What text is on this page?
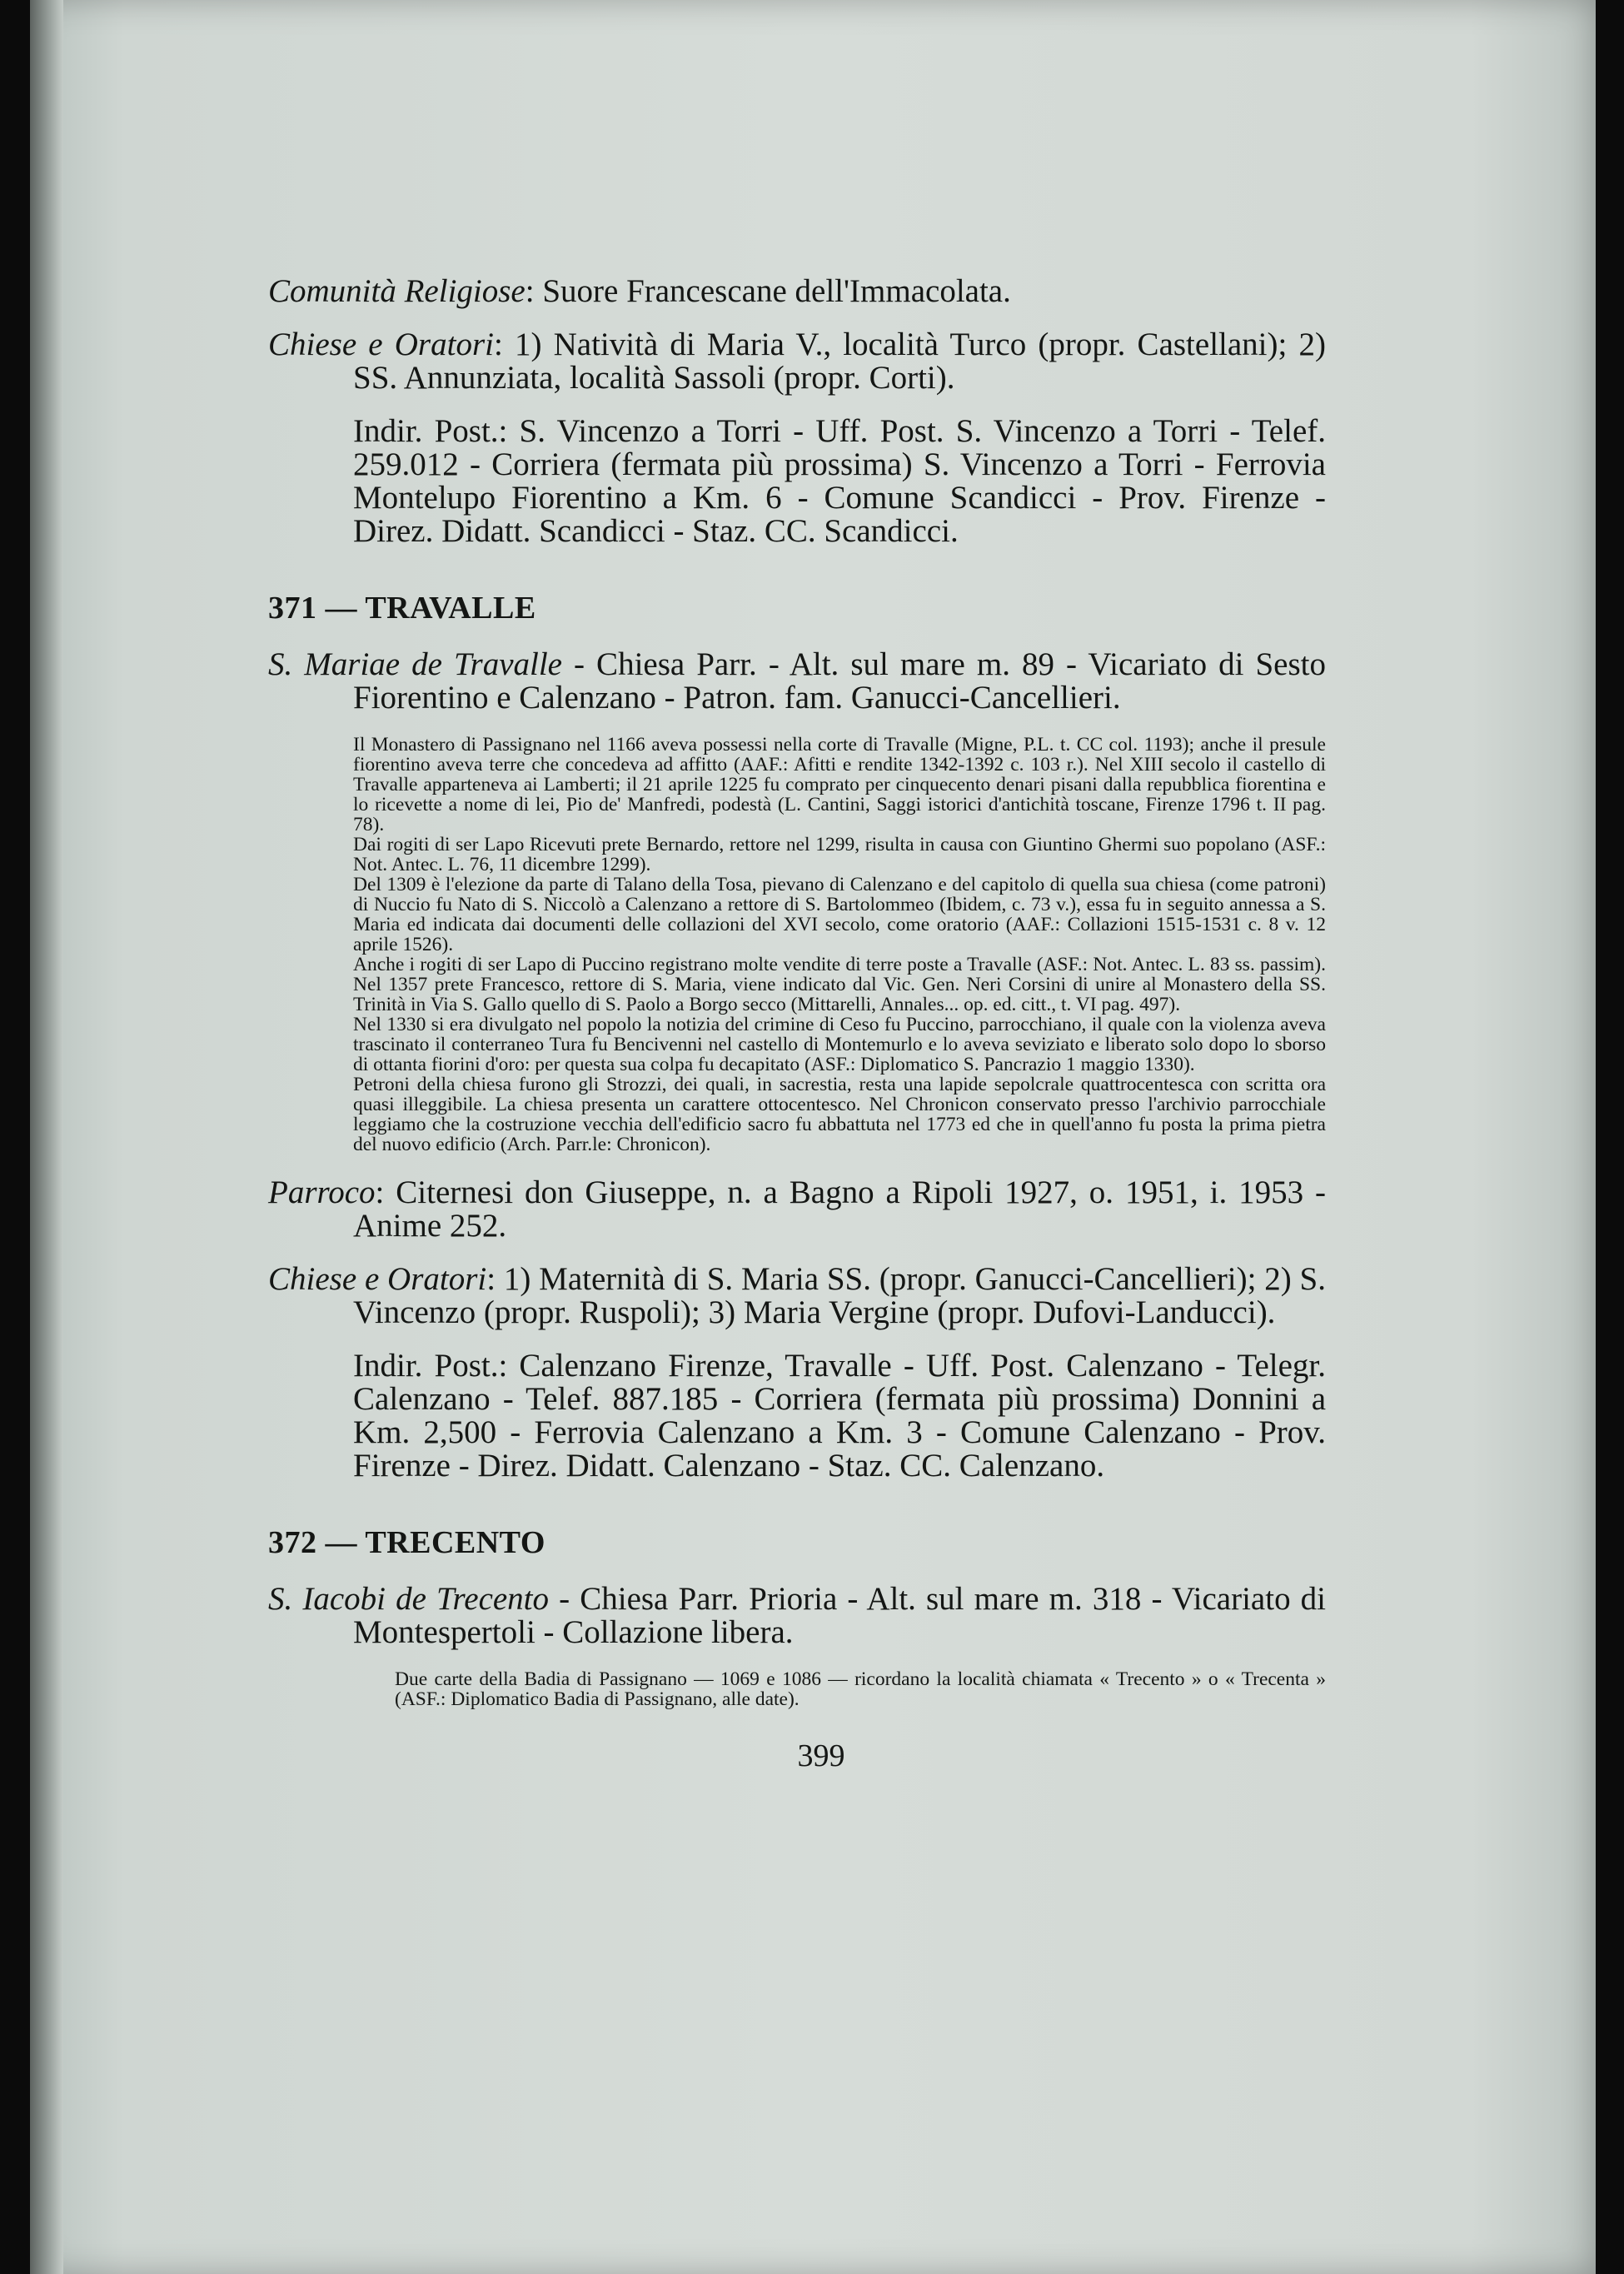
Comunità Religiose: Suore Francescane dell'Immacolata.

Chiese e Oratori: 1) Natività di Maria V., località Turco (propr. Castellani); 2) SS. Annunziata, località Sassoli (propr. Corti).

Indir. Post.: S. Vincenzo a Torri - Uff. Post. S. Vincenzo a Torri - Telef. 259.012 - Corriera (fermata più prossima) S. Vincenzo a Torri - Ferrovia Montelupo Fiorentino a Km. 6 - Comune Scandicci - Prov. Firenze - Direz. Didatt. Scandicci - Staz. CC. Scandicci.

371 — TRAVALLE

S. Mariae de Travalle - Chiesa Parr. - Alt. sul mare m. 89 - Vicariato di Sesto Fiorentino e Calenzano - Patron. fam. Ganucci-Cancellieri.

Il Monastero di Passignano nel 1166 aveva possessi nella corte di Travalle (Migne, P.L. t. CC col. 1193); anche il presule fiorentino aveva terre che concedeva ad affitto (AAF.: Afitti e rendite 1342-1392 c. 103 r.). Nel XIII secolo il castello di Travalle apparteneva ai Lamberti; il 21 aprile 1225 fu comprato per cinquecento denari pisani dalla repubblica fiorentina e lo ricevette a nome di lei, Pio de' Manfredi, podestà (L. Cantini, Saggi istorici d'antichità toscane, Firenze 1796 t. II pag. 78).

Dai rogiti di ser Lapo Ricevuti prete Bernardo, rettore nel 1299, risulta in causa con Giuntino Ghermi suo popolano (ASF.: Not. Antec. L. 76, 11 dicembre 1299).

Del 1309 è l'elezione da parte di Talano della Tosa, pievano di Calenzano e del capitolo di quella sua chiesa (come patroni) di Nuccio fu Nato di S. Niccolò a Calenzano a rettore di S. Bartolommeo (Ibidem, c. 73 v.), essa fu in seguito annessa a S. Maria ed indicata dai documenti delle collazioni del XVI secolo, come oratorio (AAF.: Collazioni 1515-1531 c. 8 v. 12 aprile 1526).

Anche i rogiti di ser Lapo di Puccino registrano molte vendite di terre poste a Travalle (ASF.: Not. Antec. L. 83 ss. passim). Nel 1357 prete Francesco, rettore di S. Maria, viene indicato dal Vic. Gen. Neri Corsini di unire al Monastero della SS. Trinità in Via S. Gallo quello di S. Paolo a Borgo secco (Mittarelli, Annales... op. ed. citt., t. VI pag. 497).

Nel 1330 si era divulgato nel popolo la notizia del crimine di Ceso fu Puccino, parrocchiano, il quale con la violenza aveva trascinato il conterraneo Tura fu Bencivenni nel castello di Montemurlo e lo aveva seviziato e liberato solo dopo lo sborso di ottanta fiorini d'oro: per questa sua colpa fu decapitato (ASF.: Diplomatico S. Pancrazio 1 maggio 1330).

Petroni della chiesa furono gli Strozzi, dei quali, in sacrestia, resta una lapide sepolcrale quattrocentesca con scritta ora quasi illeggibile. La chiesa presenta un carattere ottocentesco. Nel Chronicon conservato presso l'archivio parrocchiale leggiamo che la costruzione vecchia dell'edificio sacro fu abbattuta nel 1773 ed che in quell'anno fu posta la prima pietra del nuovo edificio (Arch. Parr.le: Chronicon).

Parroco: Citernesi don Giuseppe, n. a Bagno a Ripoli 1927, o. 1951, i. 1953 - Anime 252.

Chiese e Oratori: 1) Maternità di S. Maria SS. (propr. Ganucci-Cancellieri); 2) S. Vincenzo (propr. Ruspoli); 3) Maria Vergine (propr. Dufovi-Landucci).

Indir. Post.: Calenzano Firenze, Travalle - Uff. Post. Calenzano - Telegr. Calenzano - Telef. 887.185 - Corriera (fermata più prossima) Donnini a Km. 2,500 - Ferrovia Calenzano a Km. 3 - Comune Calenzano - Prov. Firenze - Direz. Didatt. Calenzano - Staz. CC. Calenzano.

372 — TRECENTO

S. Iacobi de Trecento - Chiesa Parr. Prioria - Alt. sul mare m. 318 - Vicariato di Montespertoli - Collazione libera.

Due carte della Badia di Passignano — 1069 e 1086 — ricordano la località chiamata « Trecento » o « Trecenta » (ASF.: Diplomatico Badia di Passignano, alle date).

399
